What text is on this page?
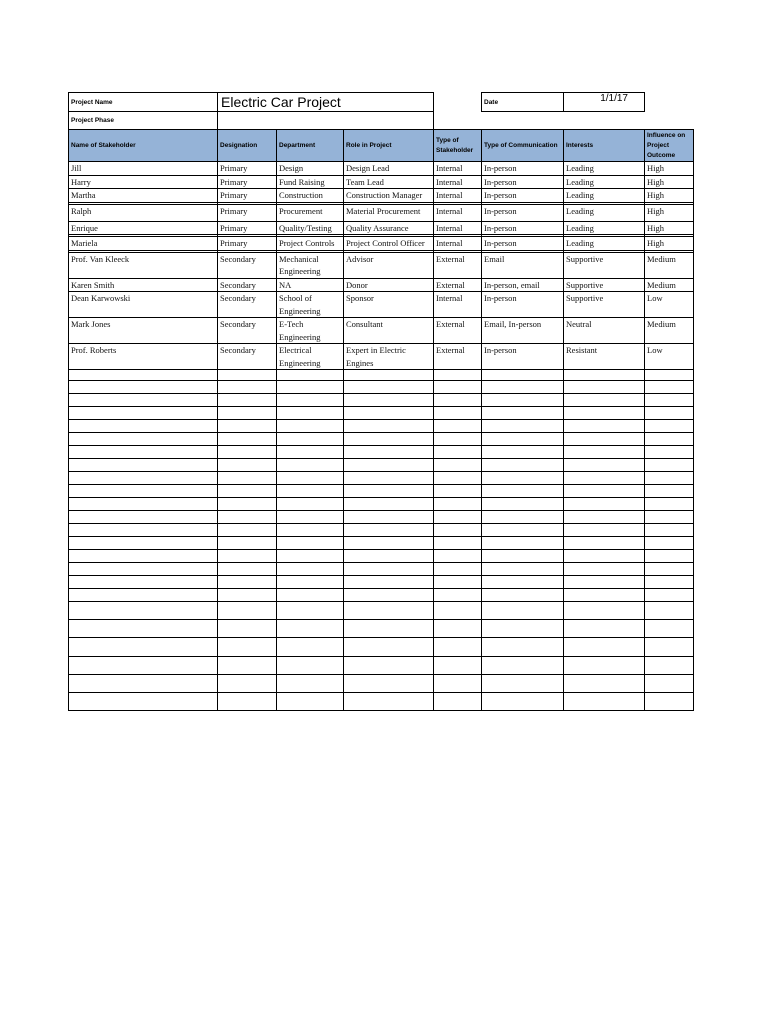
Project Name	Electric Car Project				Date	1/1/17	
Project Phase							
Name of Stakeholder	Designation	Department	Role in Project	Type of Stakeholder	Type of Communication	Interests	Influence on Project Outcome
Jill	Primary	Design	Design Lead	Internal	In-person	Leading	High
Harry	Primary	Fund Raising	Team Lead	Internal	In-person	Leading	High
Martha	Primary	Construction	Construction Manager	Internal	In-person	Leading	High

Ralph	Primary	Procurement	Material Procurement	Internal	In-person	Leading	High
Enrique	Primary	Quality/Testing	Quality Assurance	Internal	In-person	Leading	High

Mariela	Primary	Project Controls	Project Control Officer	Internal	In-person	Leading	High

Prof. Van Kleeck	Secondary	Mechanical Engineering	Advisor	External	Email	Supportive	Medium
Karen Smith	Secondary	NA	Donor	External	In-person, email	Supportive	Medium
Dean Karwowski	Secondary	School of Engineering	Sponsor	Internal	In-person	Supportive	Low
Mark Jones	Secondary	E-Tech Engineering	Consultant	External	Email, In-person	Neutral	Medium
Prof. Roberts	Secondary	Electrical Engineering	Expert in Electric Engines	External	In-person	Resistant	Low
